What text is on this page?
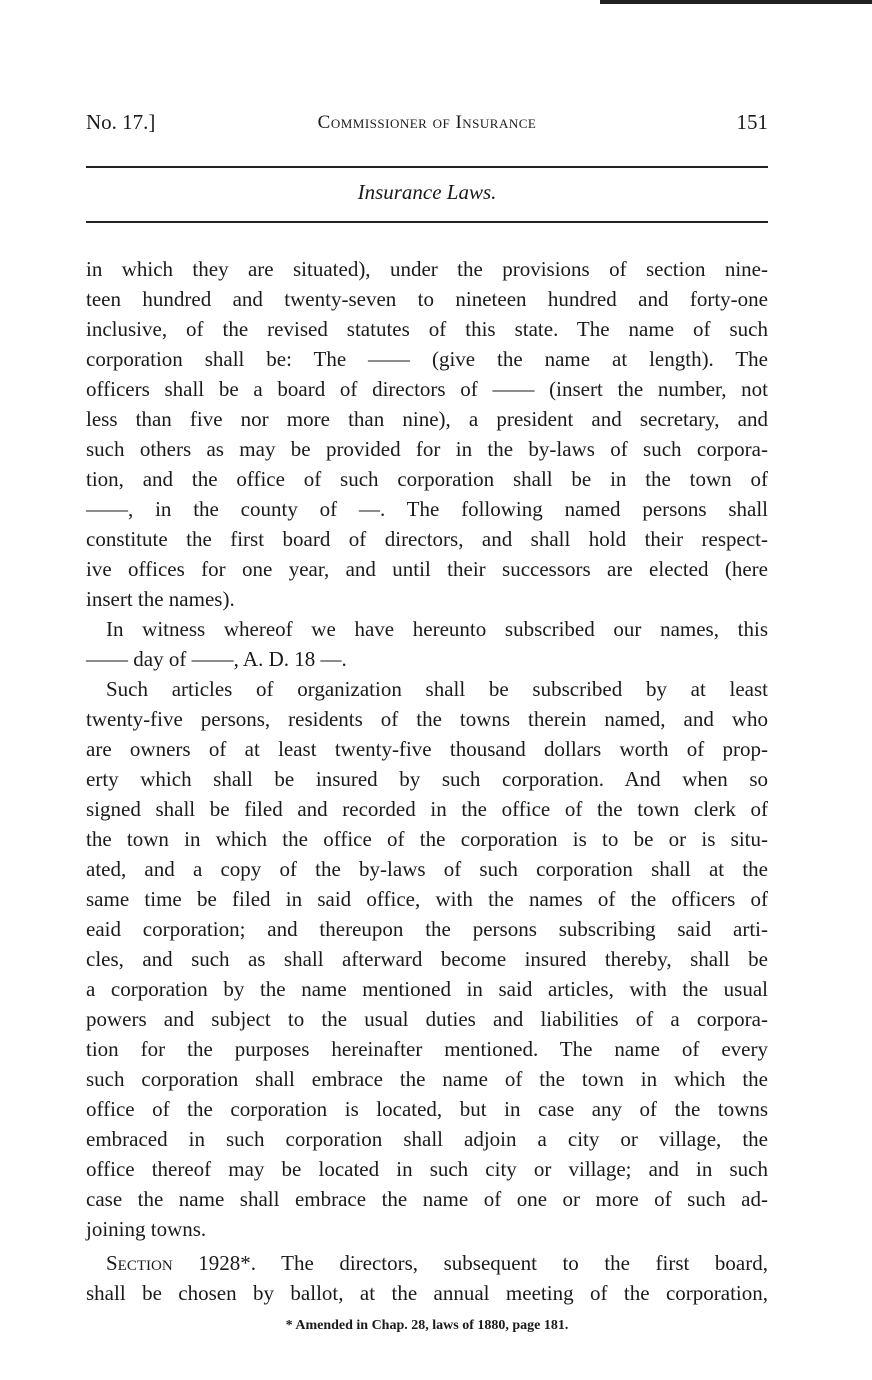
No. 17.]	Commissioner of Insurance	151
Insurance Laws.
in which they are situated), under the provisions of section nine-
teen hundred and twenty-seven to nineteen hundred and forty-one
inclusive, of the revised statutes of this state. The name of such
corporation shall be: The —— (give the name at length). The
officers shall be a board of directors of —— (insert the number, not
less than five nor more than nine), a president and secretary, and
such others as may be provided for in the by-laws of such corpora-
tion, and the office of such corporation shall be in the town of
——, in the county of —. The following named persons shall
constitute the first board of directors, and shall hold their respect-
ive offices for one year, and until their successors are elected (here
insert the names).
In witness whereof we have hereunto subscribed our names, this
—— day of ——, A. D. 18 —.
Such articles of organization shall be subscribed by at least
twenty-five persons, residents of the towns therein named, and who
are owners of at least twenty-five thousand dollars worth of prop-
erty which shall be insured by such corporation. And when so
signed shall be filed and recorded in the office of the town clerk of
the town in which the office of the corporation is to be or is situ-
ated, and a copy of the by-laws of such corporation shall at the
same time be filed in said office, with the names of the officers of
eaid corporation; and thereupon the persons subscribing said arti-
cles, and such as shall afterward become insured thereby, shall be
a corporation by the name mentioned in said articles, with the usual
powers and subject to the usual duties and liabilities of a corpora-
tion for the purposes hereinafter mentioned. The name of every
such corporation shall embrace the name of the town in which the
office of the corporation is located, but in case any of the towns
embraced in such corporation shall adjoin a city or village, the
office thereof may be located in such city or village; and in such
case the name shall embrace the name of one or more of such ad-
joining towns.
Section 1928*. The directors, subsequent to the first board,
shall be chosen by ballot, at the annual meeting of the corporation,
* Amended in Chap. 28, laws of 1880, page 181.
